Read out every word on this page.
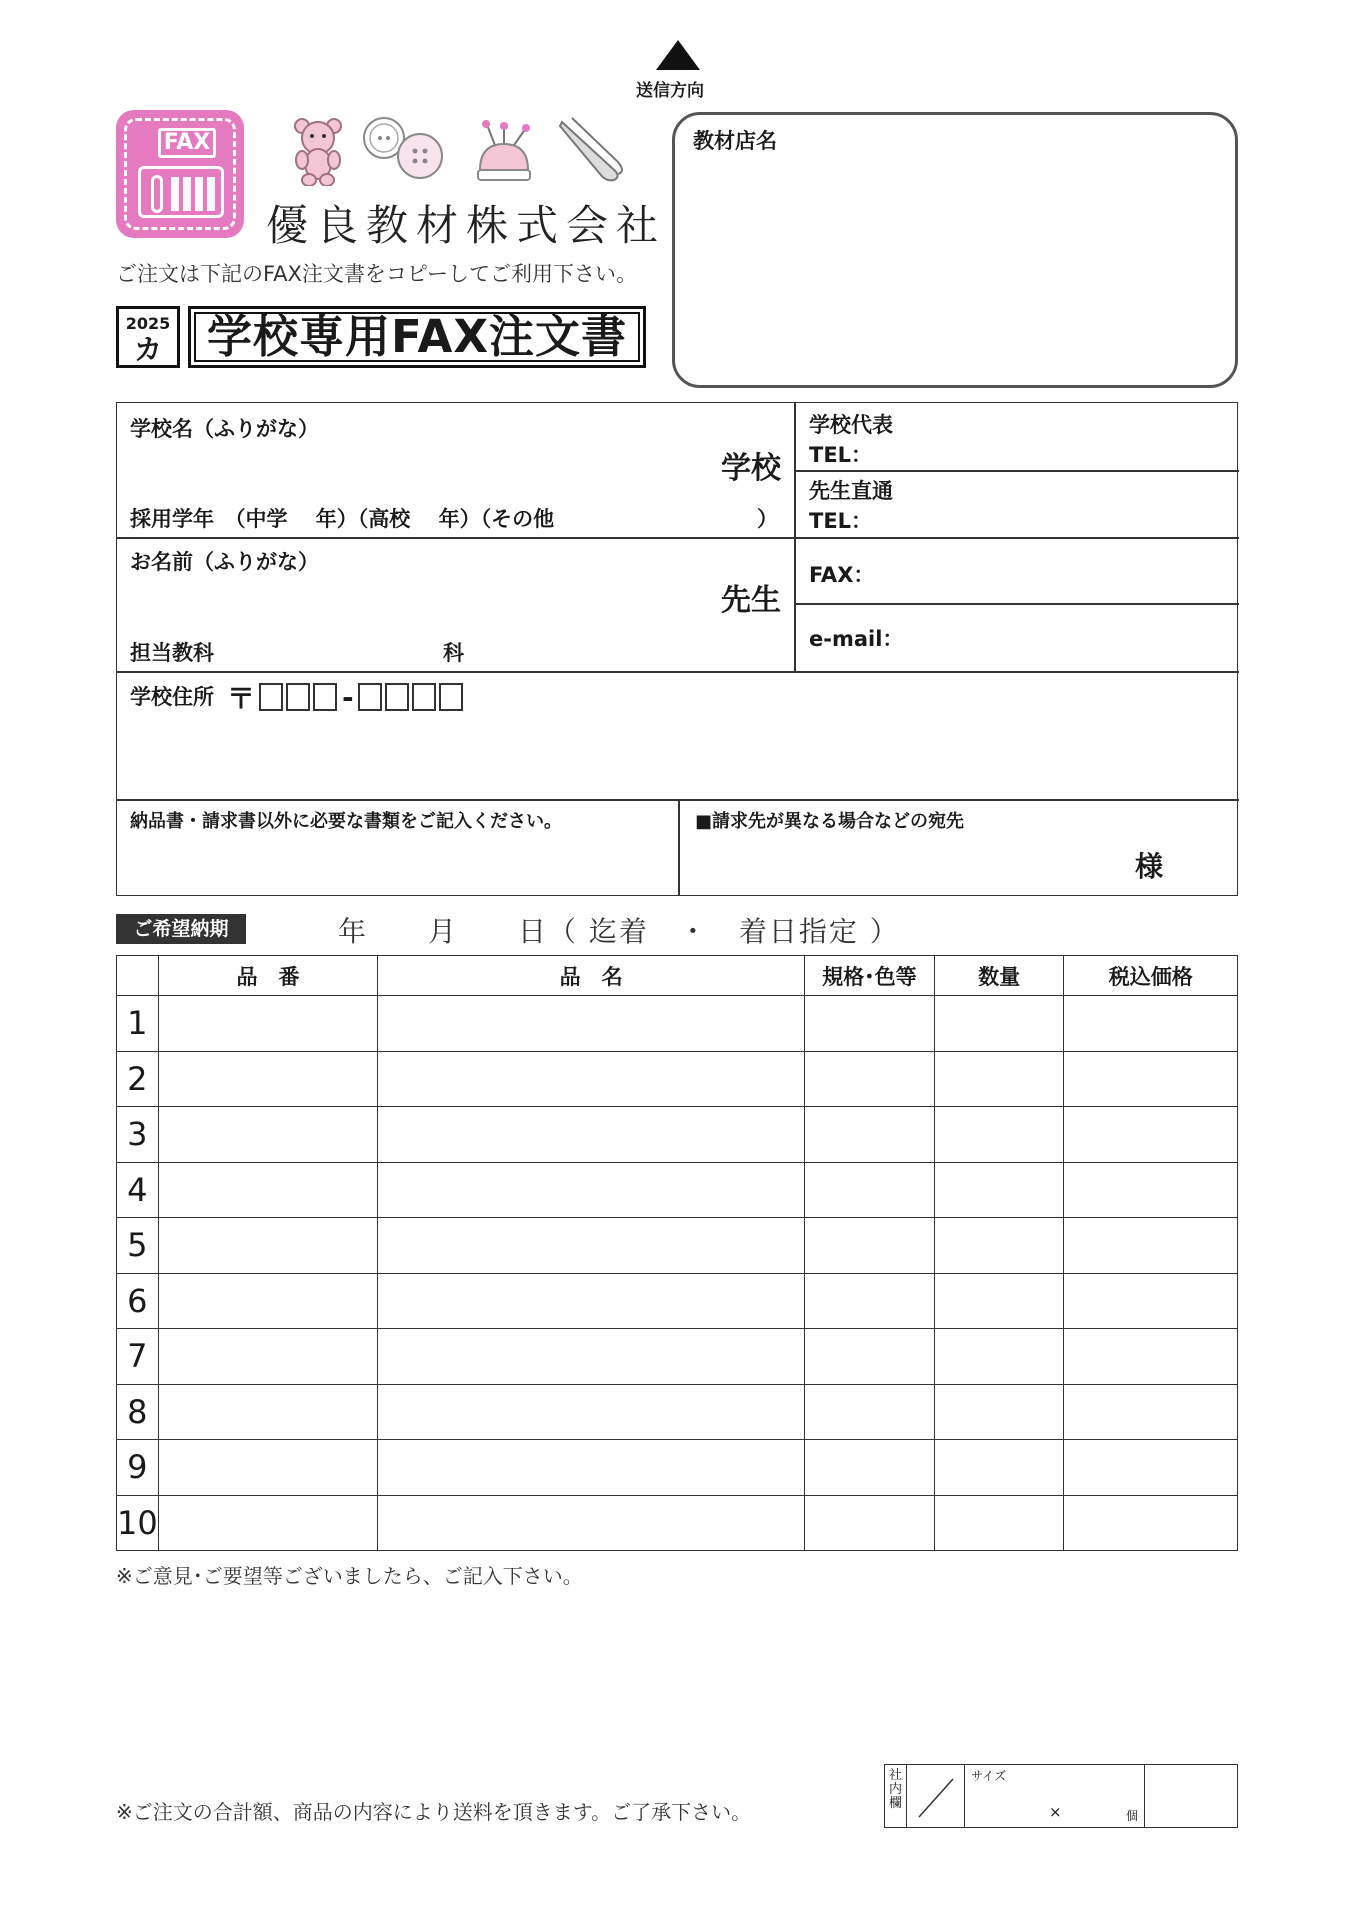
送信方向
FAX
優良教材株式会社
ご注文は下記のFAX注文書をコピーしてご利用下さい。
2025
カ 学校専用FAX注文書
教材店名
学校名（ふりがな）
学校
採用学年　（中学　 年）（高校　 年）（その他	）
学校代表
TEL：
先生直通
TEL：
お名前（ふりがな）
先生
担当教科	科
FAX：
e-mail：
学校住所 〒	-
納品書・請求書以外に必要な書類をご記入ください。	■請求先が異なる場合などの宛先
様
ご希望納期	年　　月　　日（ 迄着　・　着日指定 ）
	品　番	品　名	規格･色等	数量	税込価格
1					
2					
3					
4					
5					
6					
7					
8					
9					
10					
※ご意見･ご要望等ございましたら、ご記入下さい。
※ご注文の合計額、商品の内容により送料を頂きます。ご了承下さい。
社内欄
サイズ
×	個
